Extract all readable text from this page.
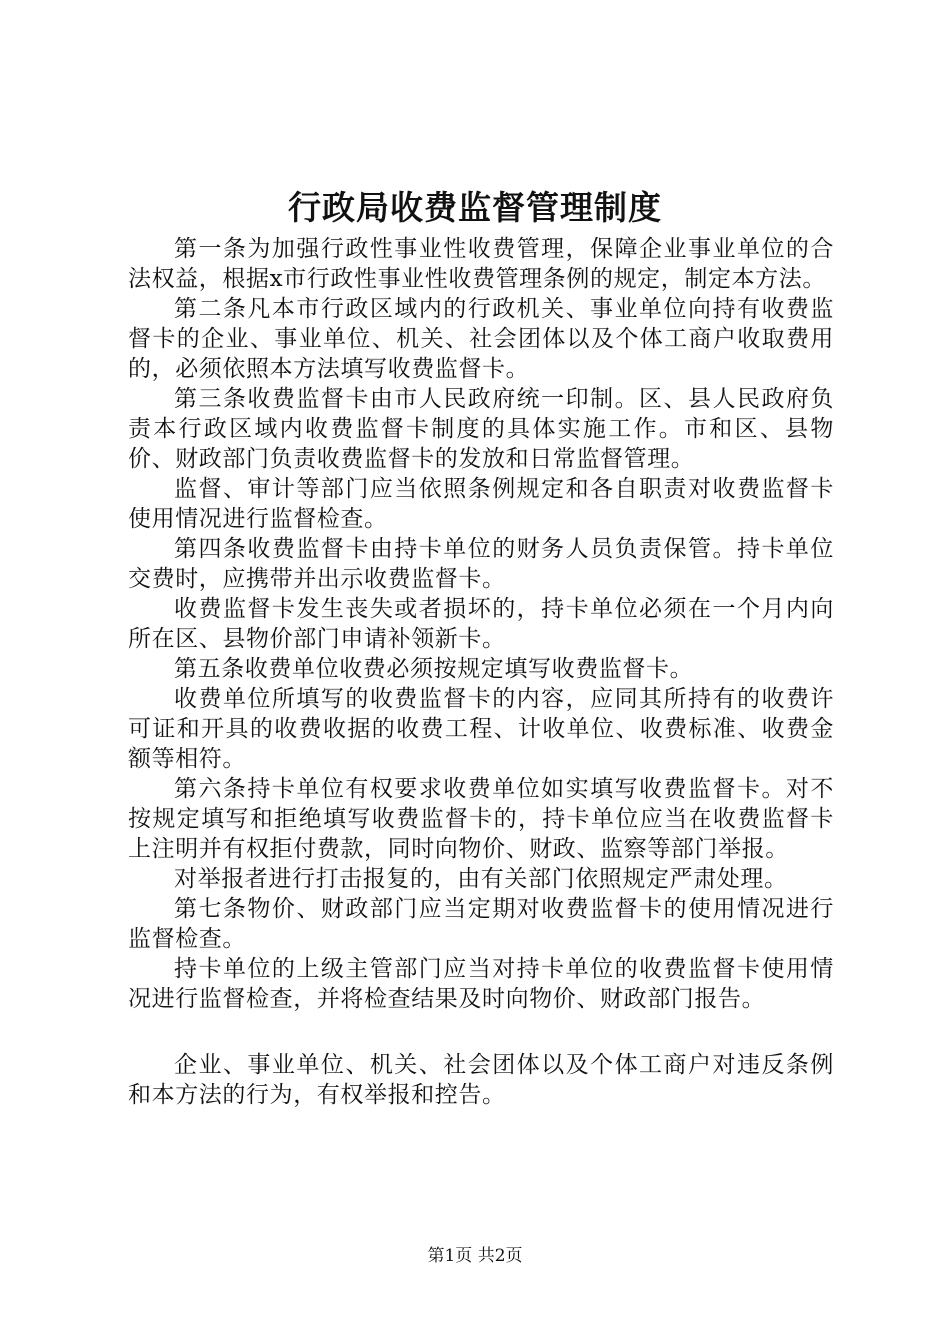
行政局收费监督管理制度

第一条为加强行政性事业性收费管理，保障企业事业单位的合法权益，根据x市行政性事业性收费管理条例的规定，制定本方法。

第二条凡本市行政区域内的行政机关、事业单位向持有收费监督卡的企业、事业单位、机关、社会团体以及个体工商户收取费用的，必须依照本方法填写收费监督卡。

第三条收费监督卡由市人民政府统一印制。区、县人民政府负责本行政区域内收费监督卡制度的具体实施工作。市和区、县物价、财政部门负责收费监督卡的发放和日常监督管理。

监督、审计等部门应当依照条例规定和各自职责对收费监督卡使用情况进行监督检查。

第四条收费监督卡由持卡单位的财务人员负责保管。持卡单位交费时，应携带并出示收费监督卡。

收费监督卡发生丧失或者损坏的，持卡单位必须在一个月内向所在区、县物价部门申请补领新卡。

第五条收费单位收费必须按规定填写收费监督卡。

收费单位所填写的收费监督卡的内容，应同其所持有的收费许可证和开具的收费收据的收费工程、计收单位、收费标准、收费金额等相符。

第六条持卡单位有权要求收费单位如实填写收费监督卡。对不按规定填写和拒绝填写收费监督卡的，持卡单位应当在收费监督卡上注明并有权拒付费款，同时向物价、财政、监察等部门举报。

对举报者进行打击报复的，由有关部门依照规定严肃处理。

第七条物价、财政部门应当定期对收费监督卡的使用情况进行监督检查。

持卡单位的上级主管部门应当对持卡单位的收费监督卡使用情况进行监督检查，并将检查结果及时向物价、财政部门报告。

企业、事业单位、机关、社会团体以及个体工商户对违反条例和本方法的行为，有权举报和控告。

第1页 共2页
